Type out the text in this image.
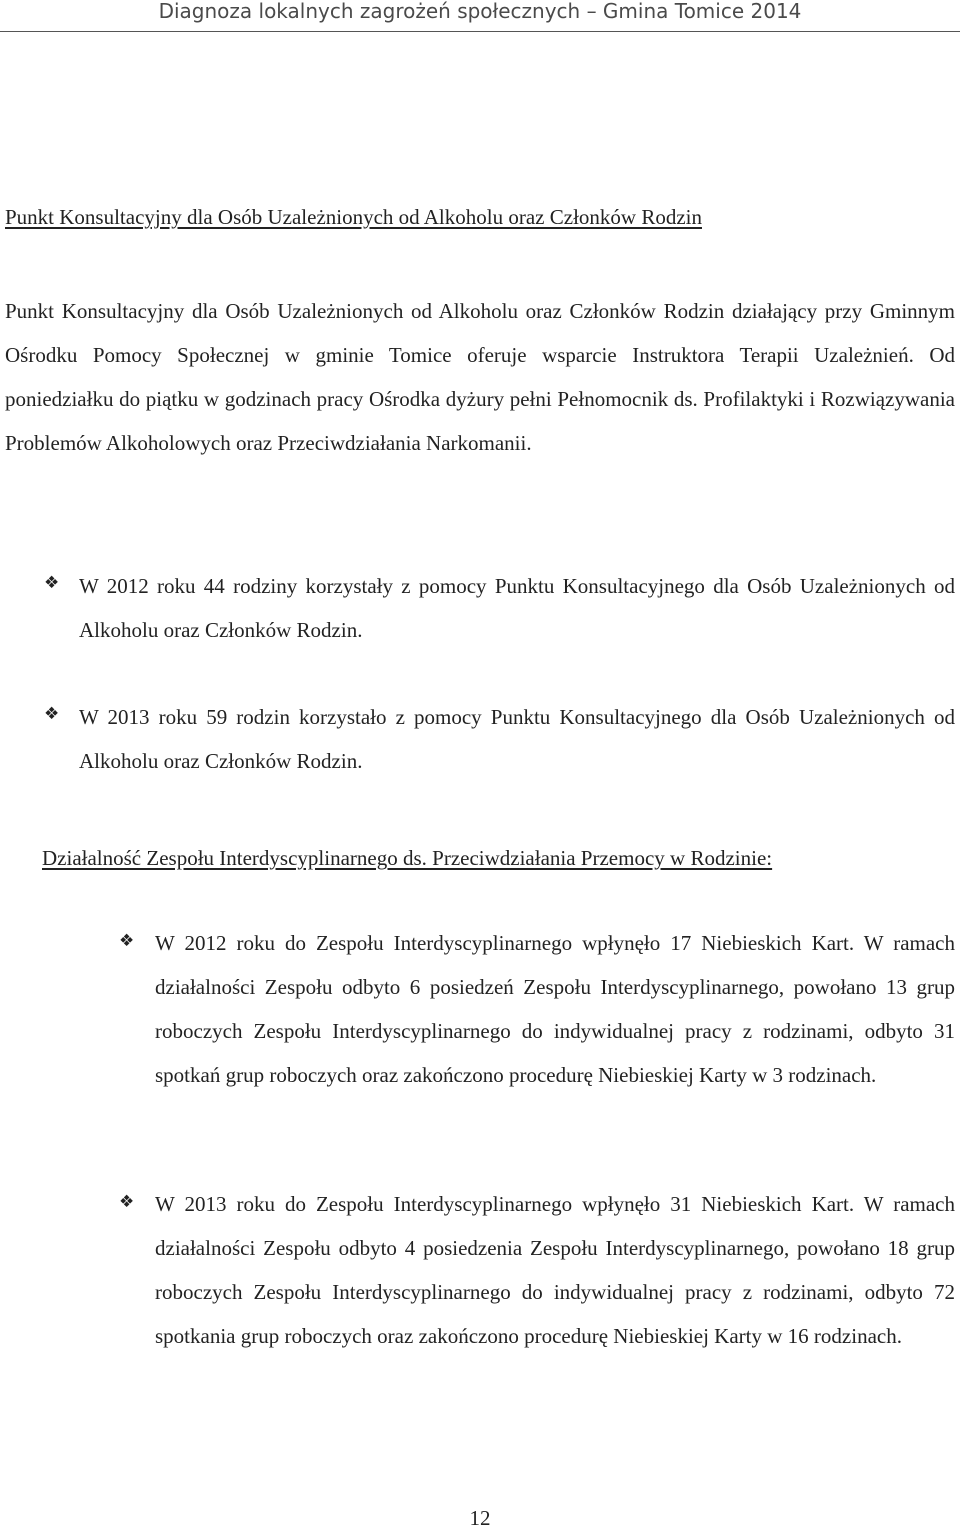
Diagnoza lokalnych zagrożeń społecznych – Gmina Tomice 2014
Punkt Konsultacyjny dla Osób Uzależnionych od Alkoholu oraz Członków Rodzin
Punkt Konsultacyjny dla Osób Uzależnionych od Alkoholu oraz Członków Rodzin działający przy Gminnym Ośrodku Pomocy Społecznej w gminie Tomice oferuje wsparcie Instruktora Terapii Uzależnień. Od poniedziałku do piątku w godzinach pracy Ośrodka dyżury pełni Pełnomocnik ds. Profilaktyki i Rozwiązywania Problemów Alkoholowych oraz Przeciwdziałania Narkomanii.
❖ W 2012 roku 44 rodziny korzystały z pomocy Punktu Konsultacyjnego dla Osób Uzależnionych od Alkoholu oraz Członków Rodzin.
❖ W 2013 roku 59 rodzin korzystało z pomocy Punktu Konsultacyjnego dla Osób Uzależnionych od Alkoholu oraz Członków Rodzin.
Działalność Zespołu Interdyscyplinarnego ds. Przeciwdziałania Przemocy w Rodzinie:
❖ W 2012 roku do Zespołu Interdyscyplinarnego wpłynęło 17 Niebieskich Kart. W ramach działalności Zespołu odbyto 6 posiedzeń Zespołu Interdyscyplinarnego, powołano 13 grup roboczych Zespołu Interdyscyplinarnego do indywidualnej pracy z rodzinami, odbyto 31 spotkań grup roboczych oraz zakończono procedurę Niebieskiej Karty w 3 rodzinach.
❖ W 2013 roku do Zespołu Interdyscyplinarnego wpłynęło 31 Niebieskich Kart. W ramach działalności Zespołu odbyto 4 posiedzenia Zespołu Interdyscyplinarnego, powołano 18 grup roboczych Zespołu Interdyscyplinarnego do indywidualnej pracy z rodzinami, odbyto 72 spotkania grup roboczych oraz zakończono procedurę Niebieskiej Karty w 16 rodzinach.
12
